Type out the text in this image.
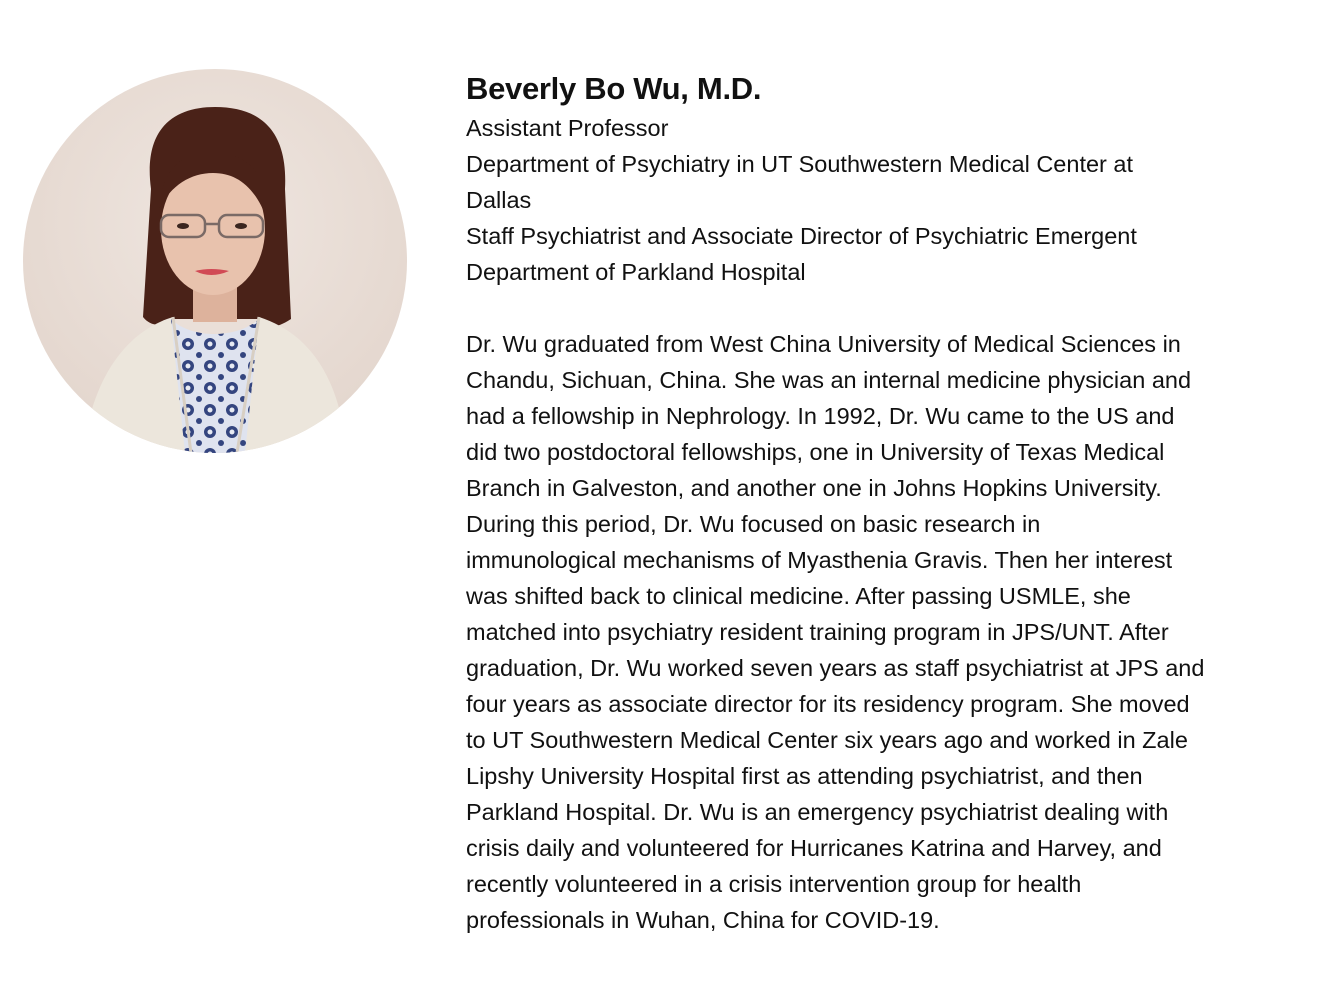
Beverly Bo Wu, M.D.

Assistant Professor

Department of Psychiatry in UT Southwestern Medical Center at

Dallas

Staff Psychiatrist and Associate Director of Psychiatric Emergent

Department of Parkland Hospital

Dr. Wu graduated from West China University of Medical Sciences in
Chandu, Sichuan, China. She was an internal medicine physician and
had a fellowship in Nephrology. In 1992, Dr. Wu came to the US and
did two postdoctoral fellowships, one in University of Texas Medical
Branch in Galveston, and another one in Johns Hopkins University.
During this period, Dr. Wu focused on basic research in
immunological mechanisms of Myasthenia Gravis. Then her interest
was shifted back to clinical medicine. After passing USMLE, she
matched into psychiatry resident training program in JPS/UNT. After
graduation, Dr. Wu worked seven years as staff psychiatrist at JPS and
four years as associate director for its residency program. She moved
to UT Southwestern Medical Center six years ago and worked in Zale
Lipshy University Hospital first as attending psychiatrist, and then
Parkland Hospital. Dr. Wu is an emergency psychiatrist dealing with
crisis daily and volunteered for Hurricanes Katrina and Harvey, and
recently volunteered in a crisis intervention group for health
professionals in Wuhan, China for COVID-19.
